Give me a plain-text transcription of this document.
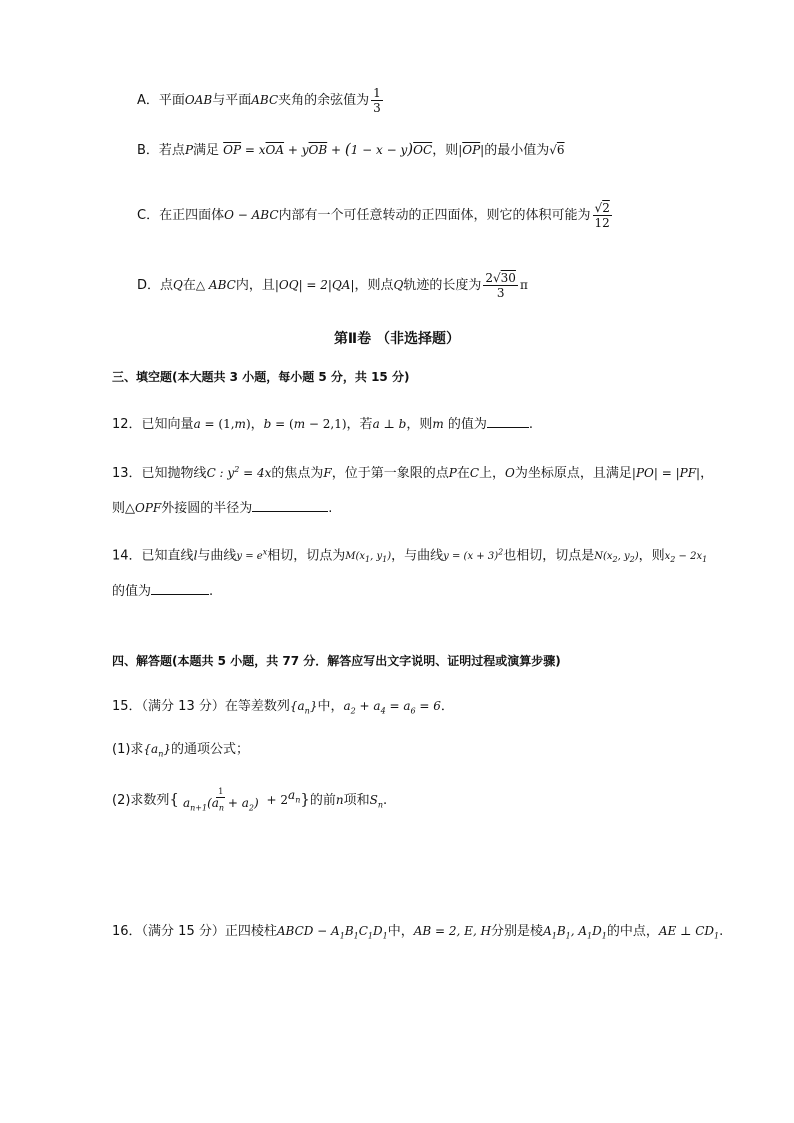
A．平面OAB与平面ABC夹角的余弦值为 $\frac{1}{3}$
B．若点P满足 $\overline{OP} = x\overline{OA} + y\overline{OB} + (1 - x - y)\overline{OC}$，则$|\overline{OP}|$的最小值为√6
C．在正四面体O − ABC内部有一个可任意转动的正四面体，则它的体积可能为 $\frac{√2}{12}$
D．点Q在△ ABC内，且|OQ| = 2|QA|，则点Q轨迹的长度为 $\frac{2√30}{3}$ π
第Ⅱ卷 （非选择题）
三、填空题(本大题共 3 小题，每小题 5 分，共 15 分)
12．已知向量a = (1,m)，b = (m − 2,1)，若a ⊥ b，则m 的值为	.
13．已知抛物线C : $y^2 = 4x$的焦点为F，位于第一象限的点P在C上，O为坐标原点，且满足|PO| = |PF|，
则△OPF外接圆的半径为	.
14．已知直线l与曲线$y = e^x$相切，切点为$M(x_1$, $y_1$)，与曲线$y = (x + 3)^2$也相切，切点是$N(x_2$, $y_2$)，则$x_2 - 2x_1$
的值为	.
四、解答题(本题共 5 小题，共 77 分．解答应写出文字说明、证明过程或演算步骤)
15．（满分 13 分）在等差数列$\{a_n\}$中，$a_2 + a_4 = a_6 = 6$．
(1)求$\{a_n\}$的通项公式；
(2)求数列{ $\frac{1}{a_{n+1}(a_n + a_2)} + 2^{a_n}$}的前n项和$S_n$.
16．（满分 15 分）正四棱柱ABCD − $A_1B_1C_1D_1$中，AB = 2, E, H分别是棱$A_1B_1$, $A_1D_1$的中点，AE ⊥ $CD_1$.
